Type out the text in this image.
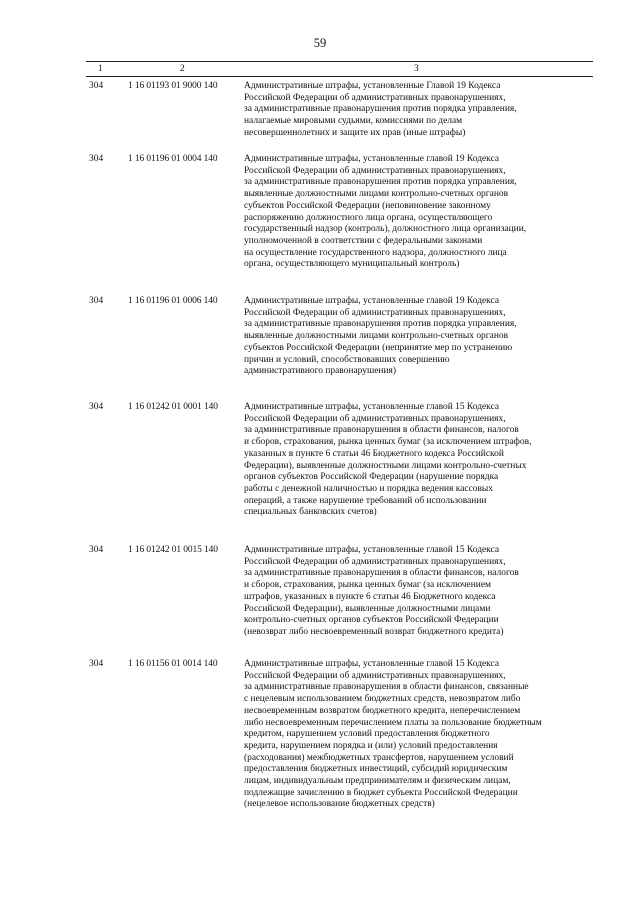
59
1	2	3
304	1 16 01193 01 9000 140	Административные штрафы, установленные Главой 19 Кодекса
Российской Федерации об административных правонарушениях,
за административные правонарушения против порядка управления,
налагаемые мировыми судьями, комиссиями по делам
несовершеннолетних и защите их прав (иные штрафы)
304	1 16 01196 01 0004 140	Административные штрафы, установленные главой 19 Кодекса
Российской Федерации об административных правонарушениях,
за административные правонарушения против порядка управления,
выявленные должностными лицами контрольно-счетных органов
субъектов Российской Федерации (неповиновение законному
распоряжению должностного лица органа, осуществляющего
государственный надзор (контроль), должностного лица организации,
уполномоченной в соответствии с федеральными законами
на осуществление государственного надзора, должностного лица
органа, осуществляющего муниципальный контроль)
304	1 16 01196 01 0006 140	Административные штрафы, установленные главой 19 Кодекса
Российской Федерации об административных правонарушениях,
за административные правонарушения против порядка управления,
выявленные должностными лицами контрольно-счетных органов
субъектов Российской Федерации (непринятие мер по устранению
причин и условий, способствовавших совершению
административного правонарушения)
304	1 16 01242 01 0001 140	Административные штрафы, установленные главой 15 Кодекса
Российской Федерации об административных правонарушениях,
за административные правонарушения в области финансов, налогов
и сборов, страхования, рынка ценных бумаг (за исключением штрафов,
указанных в пункте 6 статьи 46 Бюджетного кодекса Российской
Федерации), выявленные должностными лицами контрольно-счетных
органов субъектов Российской Федерации (нарушение порядка
работы с денежной наличностью и порядка ведения кассовых
операций, а также нарушение требований об использовании
специальных банковских счетов)
304	1 16 01242 01 0015 140	Административные штрафы, установленные главой 15 Кодекса
Российской Федерации об административных правонарушениях,
за административные правонарушения в области финансов, налогов
и сборов, страхования, рынка ценных бумаг (за исключением
штрафов, указанных в пункте 6 статьи 46 Бюджетного кодекса
Российской Федерации), выявленные должностными лицами
контрольно-счетных органов субъектов Российской Федерации
(невозврат либо несвоевременный возврат бюджетного кредита)
304	1 16 01156 01 0014 140	Административные штрафы, установленные главой 15 Кодекса
Российской Федерации об административных правонарушениях,
за административные правонарушения в области финансов, связанные
с нецелевым использованием бюджетных средств, невозвратом либо
несвоевременным возвратом бюджетного кредита, неперечислением
либо несвоевременным перечислением платы за пользование бюджетным
кредитом, нарушением условий предоставления бюджетного
кредита, нарушением порядка и (или) условий предоставления
(расходования) межбюджетных трансфертов, нарушением условий
предоставления бюджетных инвестиций, субсидий юридическим
лицам, индивидуальным предпринимателям и физическим лицам,
подлежащие зачислению в бюджет субъекта Российской Федерации
(нецелевое использование бюджетных средств)
